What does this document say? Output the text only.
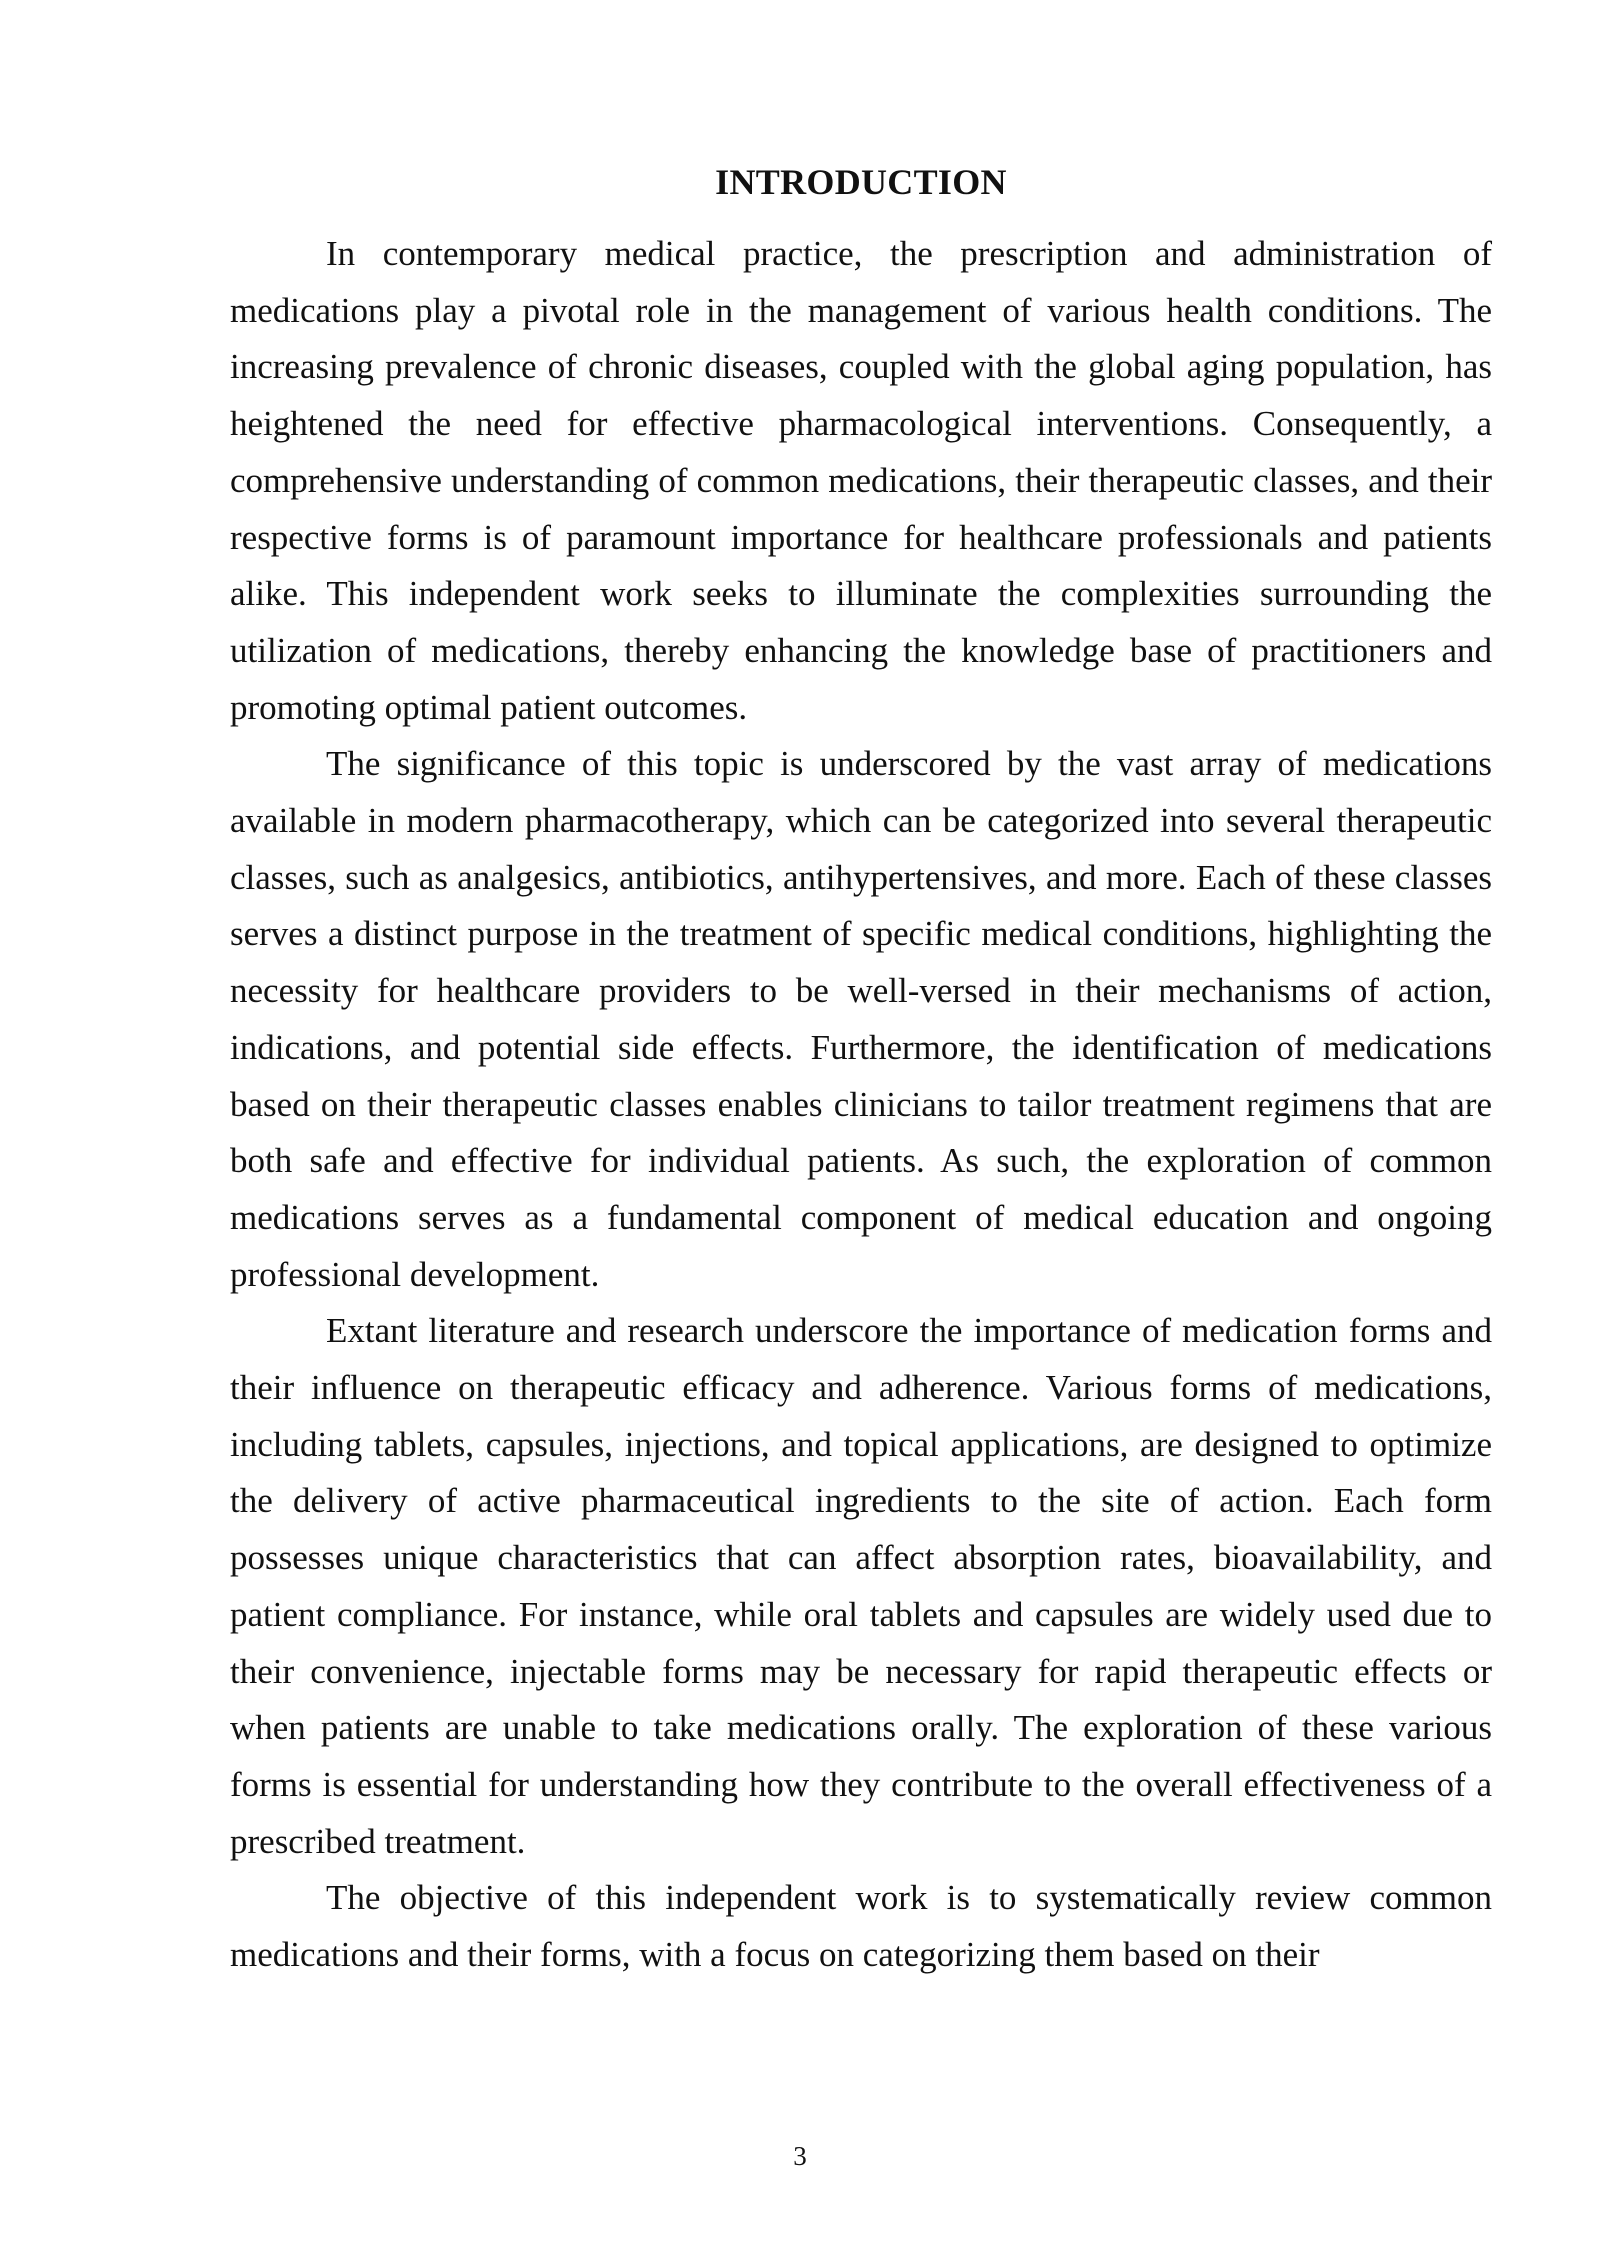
INTRODUCTION

In contemporary medical practice, the prescription and administration of medications play a pivotal role in the management of various health conditions. The increasing prevalence of chronic diseases, coupled with the global aging population, has heightened the need for effective pharmacological interventions. Consequently, a comprehensive understanding of common medications, their therapeutic classes, and their respective forms is of paramount importance for healthcare professionals and patients alike. This independent work seeks to illuminate the complexities surrounding the utilization of medications, thereby enhancing the knowledge base of practitioners and promoting optimal patient outcomes.

The significance of this topic is underscored by the vast array of medications available in modern pharmacotherapy, which can be categorized into several therapeutic classes, such as analgesics, antibiotics, antihypertensives, and more. Each of these classes serves a distinct purpose in the treatment of specific medical conditions, highlighting the necessity for healthcare providers to be well-versed in their mechanisms of action, indications, and potential side effects. Furthermore, the identification of medications based on their therapeutic classes enables clinicians to tailor treatment regimens that are both safe and effective for individual patients. As such, the exploration of common medications serves as a fundamental component of medical education and ongoing professional development.

Extant literature and research underscore the importance of medication forms and their influence on therapeutic efficacy and adherence. Various forms of medications, including tablets, capsules, injections, and topical applications, are designed to optimize the delivery of active pharmaceutical ingredients to the site of action. Each form possesses unique characteristics that can affect absorption rates, bioavailability, and patient compliance. For instance, while oral tablets and capsules are widely used due to their convenience, injectable forms may be necessary for rapid therapeutic effects or when patients are unable to take medications orally. The exploration of these various forms is essential for understanding how they contribute to the overall effectiveness of a prescribed treatment.

The objective of this independent work is to systematically review common medications and their forms, with a focus on categorizing them based on their

3
